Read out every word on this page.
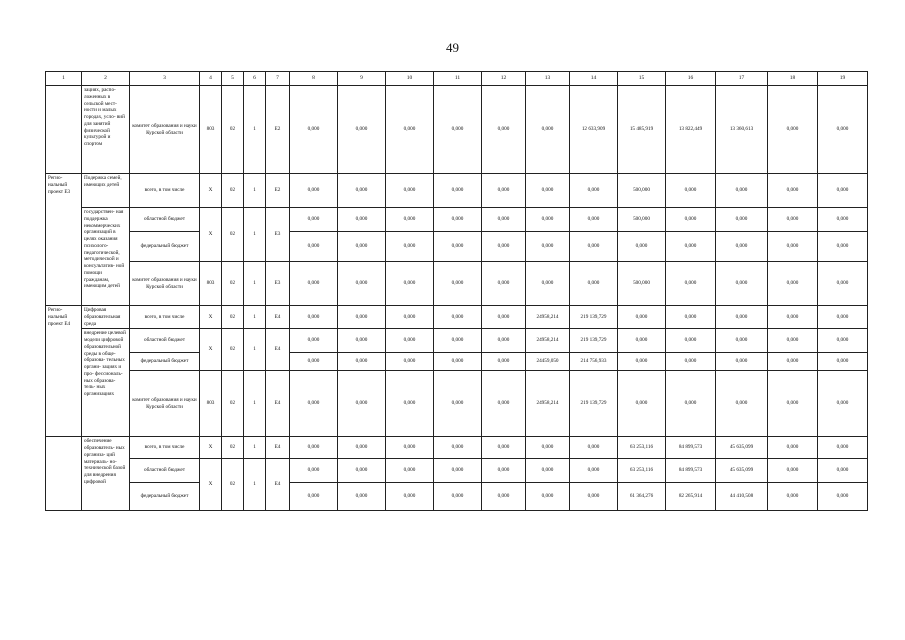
49
1	2	3	4	5	6	7	8	9	10	11	12	13	14	15	16	17	18	19
	зациях, распо- ложенных в сельской мест- ности и малых городах, усло- вий для занятий физической культурой и спортом	комитет образования и науки Курской области	803	02	1	Е2	0,000	0,000	0,000	0,000	0,000	0,000	12 633,909	15 485,919	13 822,449	13 360,613	0,000	0,000
Регио- нальный проект Е3	Подержка семей, имеющих детей	всего, в том числе	Х	02	1	Е2	0,000	0,000	0,000	0,000	0,000	0,000	0,000	500,000	0,000	0,000	0,000	0,000
	государствен- ная поддержка некоммерческих организаций в целях оказания психолого- педагогической, методической и консультатив- ной помощи гражданам, имеющим детей	областной бюджет	Х	02	1	Е3	0,000	0,000	0,000	0,000	0,000	0,000	0,000	500,000	0,000	0,000	0,000	0,000
		федеральный бюджет					0,000	0,000	0,000	0,000	0,000	0,000	0,000	0,000	0,000	0,000	0,000	0,000
		комитет образования и науки Курской области	803	02	1	Е3	0,000	0,000	0,000	0,000	0,000	0,000	0,000	500,000	0,000	0,000	0,000	0,000
Регио- нальный проект Е4	Цифровая образовательная среда	всего, в том числе	Х	02	1	Е4	0,000	0,000	0,000	0,000	0,000	24958,214	219 139,729	0,000	0,000	0,000	0,000	0,000
	внедрение целевой модели цифровой образовательной среды в обще- образова- тельных органи- зациях и про- фессиональ- ных образова- тель- ных организациях	областной бюджет	Х	02	1	Е4	0,000	0,000	0,000	0,000	0,000	24958,214	219 139,729	0,000	0,000	0,000	0,000	0,000
		федеральный бюджет					0,000	0,000	0,000	0,000	0,000	24459,050	214 756,933	0,000	0,000	0,000	0,000	0,000
		комитет образования и науки Курской области	803	02	1	Е4	0,000	0,000	0,000	0,000	0,000	24958,214	219 139,729	0,000	0,000	0,000	0,000	0,000
	обеспечение образователь- ных организа- ций материаль- но- технической базой для внедрения цифровой	всего, в том числе	Х	02	1	Е4	0,000	0,000	0,000	0,000	0,000	0,000	0,000	63 253,116	84 899,573	45 635,099	0,000	0,000
		областной бюджет	Х	02	1	Е4	0,000	0,000	0,000	0,000	0,000	0,000	0,000	63 253,116	84 899,573	45 635,099	0,000	0,000
		федеральный бюджет					0,000	0,000	0,000	0,000	0,000	0,000	0,000	61 364,276	82 265,914	44 410,508	0,000	0,000
